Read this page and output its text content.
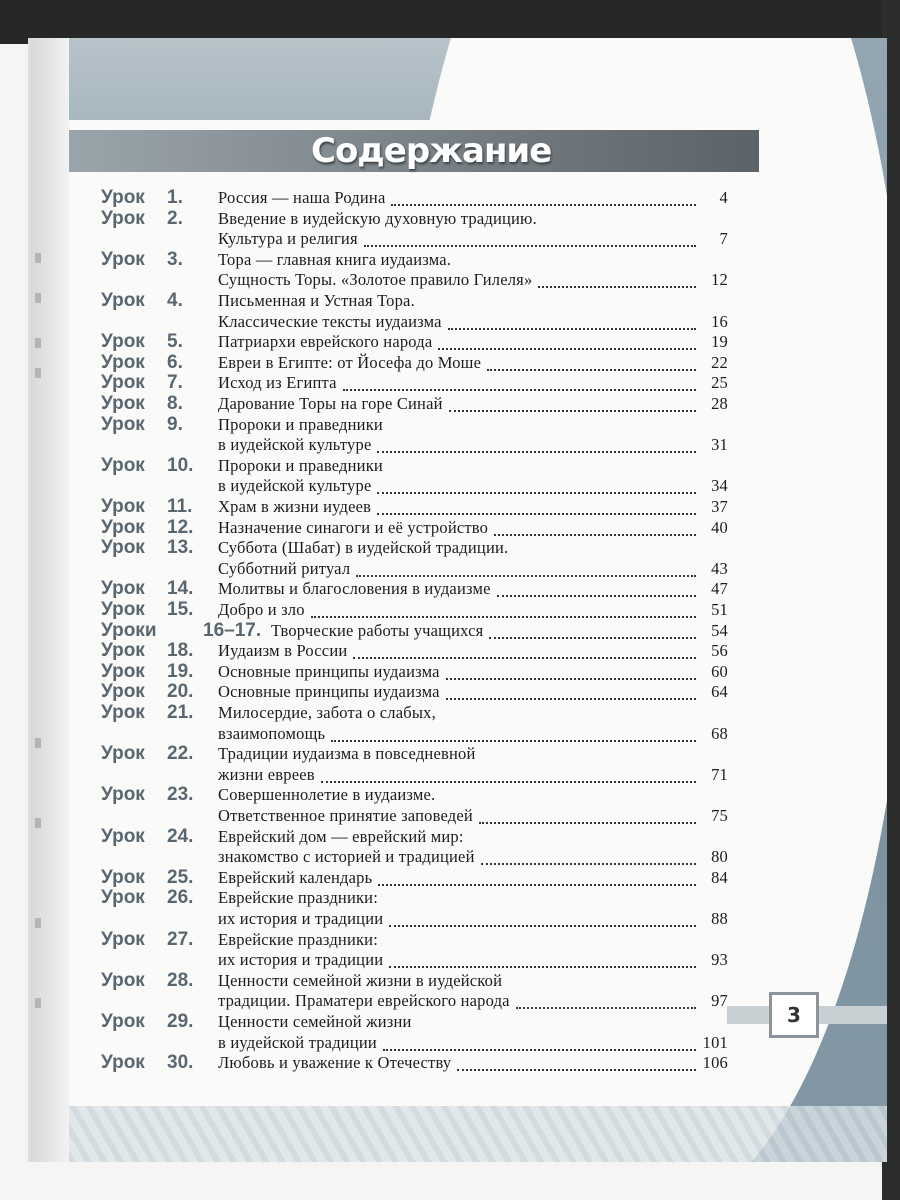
Содержание
3
Урок 1. Россия — наша Родина	4
Урок 2. Введение в иудейскую духовную традицию.
Культура и религия	7
Урок 3. Тора — главная книга иудаизма.
Сущность Торы. «Золотое правило Гилеля»	12
Урок 4. Письменная и Устная Тора.
Классические тексты иудаизма	16
Урок 5. Патриархи еврейского народа	19
Урок 6. Евреи в Египте: от Йосефа до Моше	22
Урок 7. Исход из Египта	25
Урок 8. Дарование Торы на горе Синай	28
Урок 9. Пророки и праведники
в иудейской культуре	31
Урок 10. Пророки и праведники
в иудейской культуре	34
Урок 11. Храм в жизни иудеев	37
Урок 12. Назначение синагоги и её устройство	40
Урок 13. Суббота (Шабат) в иудейской традиции.
Субботний ритуал	43
Урок 14. Молитвы и благословения в иудаизме	47
Урок 15. Добро и зло	51
Уроки 16–17. Творческие работы учащихся	54
Урок 18. Иудаизм в России	56
Урок 19. Основные принципы иудаизма	60
Урок 20. Основные принципы иудаизма	64
Урок 21. Милосердие, забота о слабых,
взаимопомощь	68
Урок 22. Традиции иудаизма в повседневной
жизни евреев	71
Урок 23. Совершеннолетие в иудаизме.
Ответственное принятие заповедей	75
Урок 24. Еврейский дом — еврейский мир:
знакомство с историей и традицией	80
Урок 25. Еврейский календарь	84
Урок 26. Еврейские праздники:
их история и традиции	88
Урок 27. Еврейские праздники:
их история и традиции	93
Урок 28. Ценности семейной жизни в иудейской
традиции. Праматери еврейского народа	97
Урок 29. Ценности семейной жизни
в иудейской традиции	101
Урок 30. Любовь и уважение к Отечеству	106
